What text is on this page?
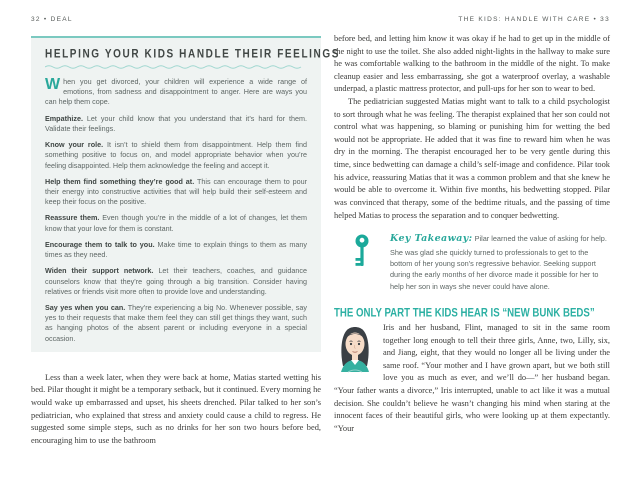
32 • DEAL
HELPING YOUR KIDS HANDLE THEIR FEELINGS

When you get divorced, your children will experience a wide range of emotions, from sadness and disappointment to anger. Here are ways you can help them cope.

Empathize. Let your child know that you understand that it’s hard for them. Validate their feelings.

Know your role. It isn’t to shield them from disappointment. Help them find something positive to focus on, and model appropriate behavior when you’re feeling disappointed. Help them acknowledge the feeling and accept it.

Help them find something they’re good at. This can encourage them to pour their energy into constructive activities that will help build their self-esteem and keep their focus on the positive.

Reassure them. Even though you’re in the middle of a lot of changes, let them know that your love for them is constant.

Encourage them to talk to you. Make time to explain things to them as many times as they need.

Widen their support network. Let their teachers, coaches, and guidance counselors know that they’re going through a big transition. Consider having relatives or friends visit more often to provide love and understanding.

Say yes when you can. They’re experiencing a big No. Whenever possible, say yes to their requests that make them feel they can still get things they want, such as hanging photos of the absent parent or including everyone in a special occasion.

Less than a week later, when they were back at home, Matias started wetting his bed. Pilar thought it might be a temporary setback, but it continued. Every morning he would wake up embarrassed and upset, his sheets drenched. Pilar talked to her son’s pediatrician, who explained that stress and anxiety could cause a child to regress. He suggested some simple steps, such as no drinks for her son two hours before bed, encouraging him to use the bathroom

THE KIDS: HANDLE WITH CARE • 33

before bed, and letting him know it was okay if he had to get up in the middle of the night to use the toilet. She also added night-lights in the hallway to make sure he was comfortable walking to the bathroom in the middle of the night. To make cleanup easier and less embarrassing, she got a waterproof overlay, a washable underpad, a plastic mattress protector, and pull-ups for her son to wear to bed.

The pediatrician suggested Matias might want to talk to a child psychologist to sort through what he was feeling. The therapist explained that her son could not control what was happening, so blaming or punishing him for wetting the bed would not be appropriate. He added that it was fine to reward him when he was dry in the morning. The therapist encouraged her to be very gentle during this time, since bedwetting can damage a child’s self-image and confidence. Pilar took his advice, reassuring Matias that it was a common problem and that she knew he would be able to overcome it. Within five months, his bedwetting stopped. Pilar was convinced that therapy, some of the bedtime rituals, and the passing of time helped Matias to process the separation and to conquer bedwetting.

Key Takeaway: Pilar learned the value of asking for help. She was glad she quickly turned to professionals to get to the bottom of her young son’s regressive behavior. Seeking support during the early months of her divorce made it possible for her to help her son in ways she never could have alone.
THE ONLY PART THE KIDS HEAR IS “NEW BUNK BEDS”

Iris and her husband, Flint, managed to sit in the same room together long enough to tell their three girls, Anne, two, Lilly, six, and Jiang, eight, that they would no longer all be living under the same roof. “Your mother and I have grown apart, but we both still love you as much as ever, and we’ll do—” her husband began. “Your father wants a divorce,” Iris interrupted, unable to act like it was a mutual decision. She couldn’t believe he wasn’t changing his mind when staring at the innocent faces of their beautiful girls, who were looking up at them expectantly. “Your
